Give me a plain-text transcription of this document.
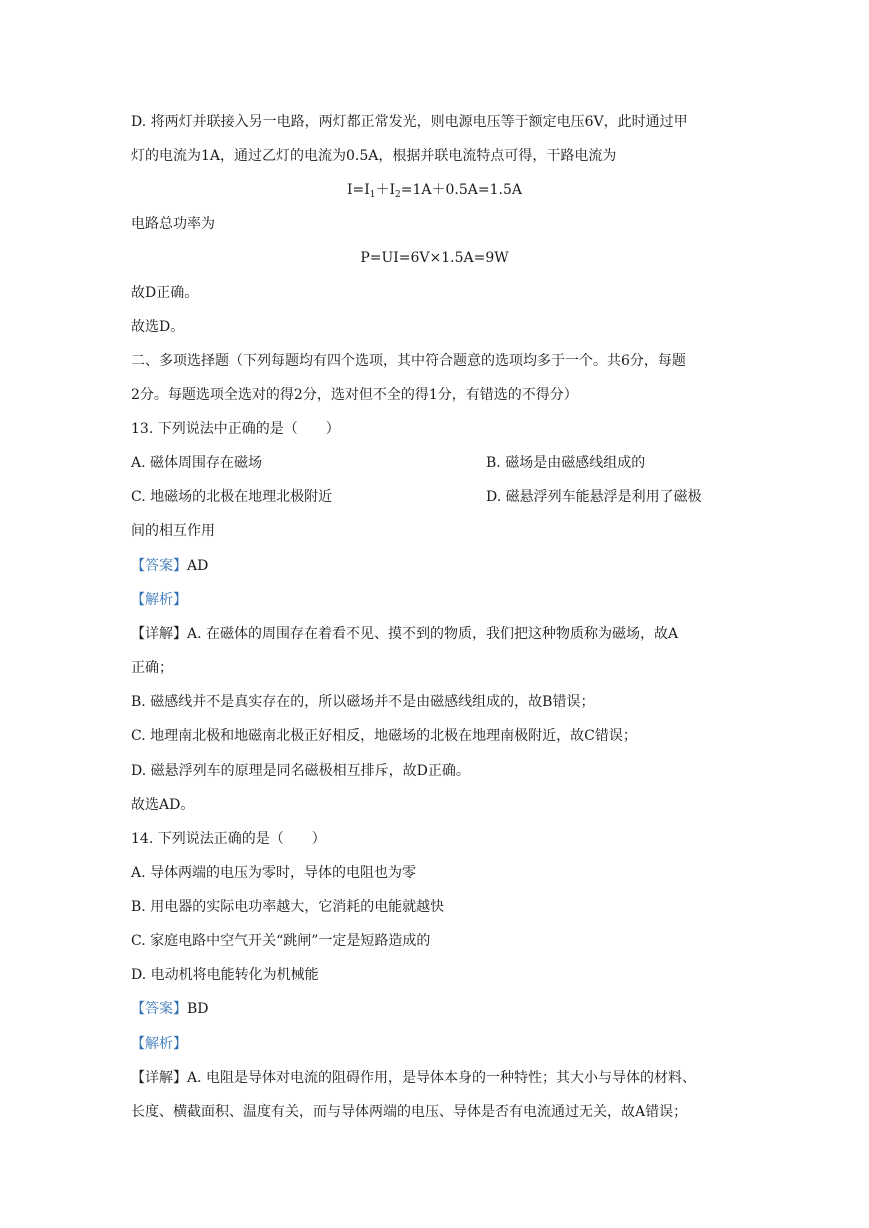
D. 将两灯并联接入另一电路，两灯都正常发光，则电源电压等于额定电压6V，此时通过甲
灯的电流为1A，通过乙灯的电流为0.5A，根据并联电流特点可得，干路电流为
$I=I_1+I_2=1A+0.5A=1.5A$
电路总功率为
P=UI=6V×1.5A=9W
故D正确。
故选D。
二、多项选择题（下列每题均有四个选项，其中符合题意的选项均多于一个。共6分，每题
2分。每题选项全选对的得2分，选对但不全的得1分，有错选的不得分）
13. 下列说法中正确的是（　　）
A. 磁体周围存在磁场	B. 磁场是由磁感线组成的
C. 地磁场的北极在地理北极附近	D. 磁悬浮列车能悬浮是利用了磁极
间的相互作用
【答案】AD
【解析】
【详解】A. 在磁体的周围存在着看不见、摸不到的物质，我们把这种物质称为磁场，故A
正确；
B. 磁感线并不是真实存在的，所以磁场并不是由磁感线组成的，故B错误；
C. 地理南北极和地磁南北极正好相反，地磁场的北极在地理南极附近，故C错误；
D. 磁悬浮列车的原理是同名磁极相互排斥，故D正确。
故选AD。
14. 下列说法正确的是（　　）
A. 导体两端的电压为零时，导体的电阻也为零
B. 用电器的实际电功率越大，它消耗的电能就越快
C. 家庭电路中空气开关“跳闸”一定是短路造成的
D. 电动机将电能转化为机械能
【答案】BD
【解析】
【详解】A. 电阻是导体对电流的阻碍作用，是导体本身的一种特性；其大小与导体的材料、
长度、横截面积、温度有关，而与导体两端的电压、导体是否有电流通过无关，故A错误；
